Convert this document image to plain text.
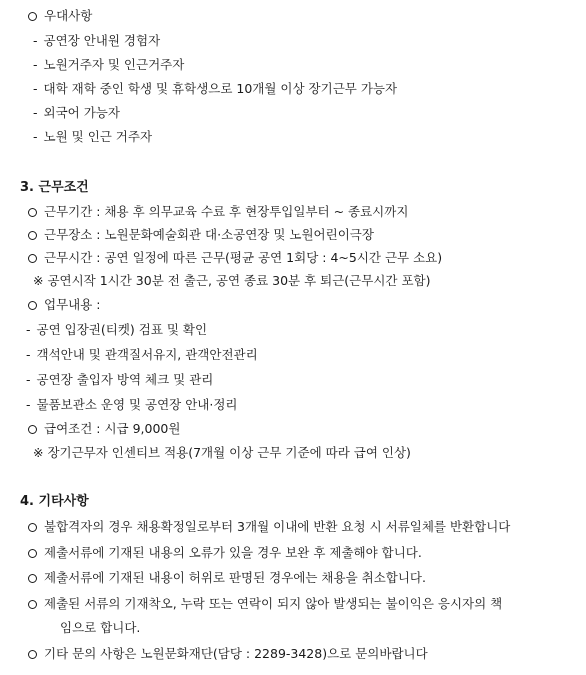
우대사항
- 공연장 안내원 경험자
- 노원거주자 및 인근거주자
- 대학 재학 중인 학생 및 휴학생으로 10개월 이상 장기근무 가능자
- 외국어 가능자
- 노원 및 인근 거주자
3. 근무조건
근무기간 : 채용 후 의무교육 수료 후 현장투입일부터 ~ 종료시까지
근무장소 : 노원문화예술회관 대·소공연장 및 노원어린이극장
근무시간 : 공연 일정에 따른 근무(평균 공연 1회당 : 4~5시간 근무 소요)
※ 공연시작 1시간 30분 전 출근, 공연 종료 30분 후 퇴근(근무시간 포함)
업무내용 :
- 공연 입장권(티켓) 검표 및 확인
- 객석안내 및 관객질서유지, 관객안전관리
- 공연장 출입자 방역 체크 및 관리
- 물품보관소 운영 및 공연장 안내·정리
급여조건 : 시급 9,000원
※ 장기근무자 인센티브 적용(7개월 이상 근무 기준에 따라 급여 인상)
4. 기타사항
불합격자의 경우 채용확정일로부터 3개월 이내에 반환 요청 시 서류일체를 반환합니다
제출서류에 기재된 내용의 오류가 있을 경우 보완 후 제출해야 합니다.
제출서류에 기재된 내용이 허위로 판명된 경우에는 채용을 취소합니다.
제출된 서류의 기재착오, 누락 또는 연락이 되지 않아 발생되는 불이익은 응시자의 책
임으로 합니다.
기타 문의 사항은 노원문화재단(담당 : 2289-3428)으로 문의바랍니다
